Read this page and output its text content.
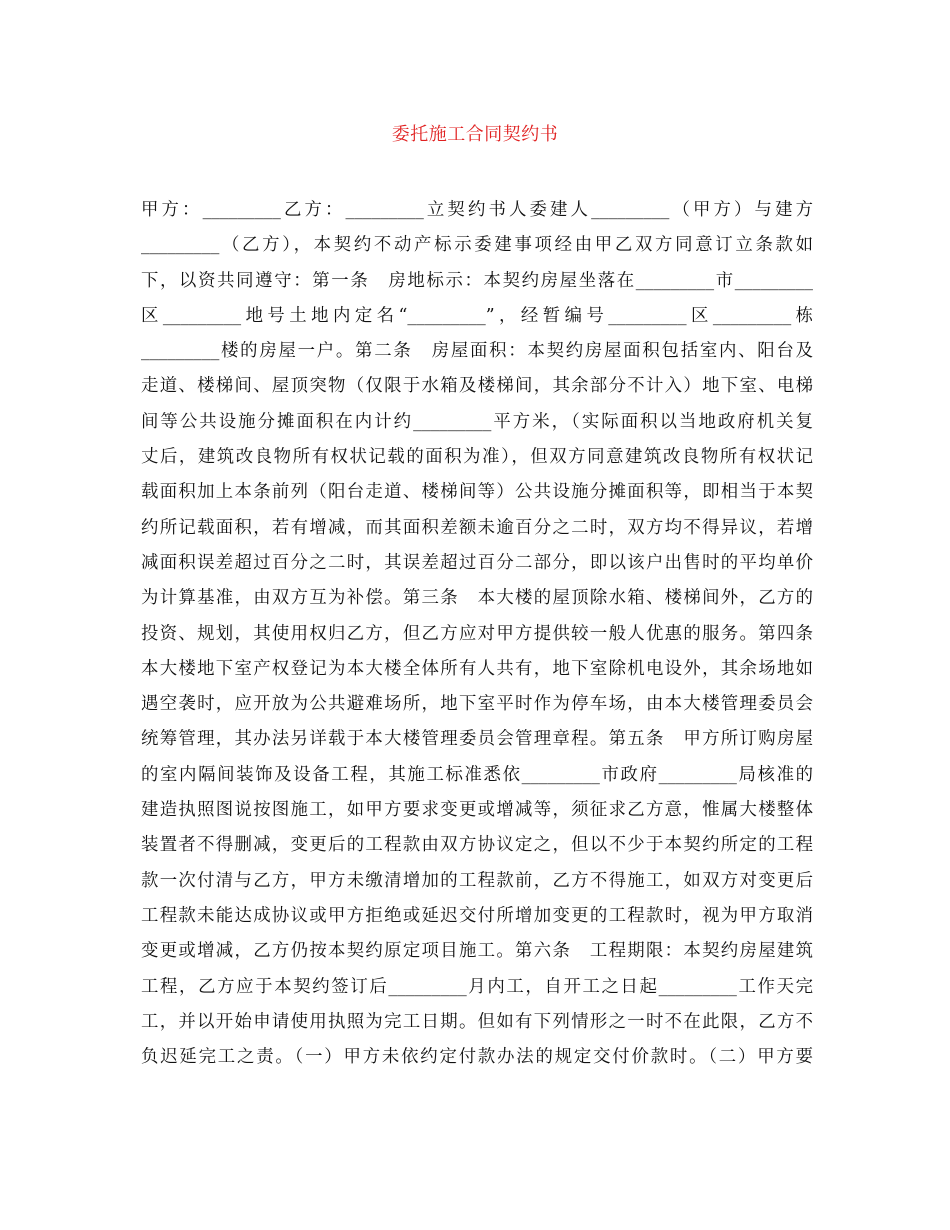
委托施工合同契约书
甲方：_________乙方：_________立契约书人委建人_________（甲方）与建方
_________（乙方），本契约不动产标示委建事项经由甲乙双方同意订立条款如
下，以资共同遵守：第一条　房地标示：本契约房屋坐落在_________市_________
区_________地号土地内定名“_________”，经暂编号_________区_________栋
_________楼的房屋一户。第二条　房屋面积：本契约房屋面积包括室内、阳台及
走道、楼梯间、屋顶突物（仅限于水箱及楼梯间，其余部分不计入）地下室、电梯
间等公共设施分摊面积在内计约_________平方米，（实际面积以当地政府机关复
丈后，建筑改良物所有权状记载的面积为准），但双方同意建筑改良物所有权状记
载面积加上本条前列（阳台走道、楼梯间等）公共设施分摊面积等，即相当于本契
约所记载面积，若有增减，而其面积差额未逾百分之二时，双方均不得异议，若增
减面积误差超过百分之二时，其误差超过百分二部分，即以该户出售时的平均单价
为计算基准，由双方互为补偿。第三条　本大楼的屋顶除水箱、楼梯间外，乙方的
投资、规划，其使用权归乙方，但乙方应对甲方提供较一般人优惠的服务。第四条
本大楼地下室产权登记为本大楼全体所有人共有，地下室除机电设外，其余场地如
遇空袭时，应开放为公共避难场所，地下室平时作为停车场，由本大楼管理委员会
统筹管理，其办法另详载于本大楼管理委员会管理章程。第五条　甲方所订购房屋
的室内隔间装饰及设备工程，其施工标准悉依_________市政府_________局核准的
建造执照图说按图施工，如甲方要求变更或增减等，须征求乙方意，惟属大楼整体
装置者不得删减，变更后的工程款由双方协议定之，但以不少于本契约所定的工程
款一次付清与乙方，甲方未缴清增加的工程款前，乙方不得施工，如双方对变更后
工程款未能达成协议或甲方拒绝或延迟交付所增加变更的工程款时，视为甲方取消
变更或增减，乙方仍按本契约原定项目施工。第六条　工程期限：本契约房屋建筑
工程，乙方应于本契约签订后_________月内工，自开工之日起_________工作天完
工，并以开始申请使用执照为完工日期。但如有下列情形之一时不在此限，乙方不
负迟延完工之责。（一）甲方未依约定付款办法的规定交付价款时。（二）甲方要
